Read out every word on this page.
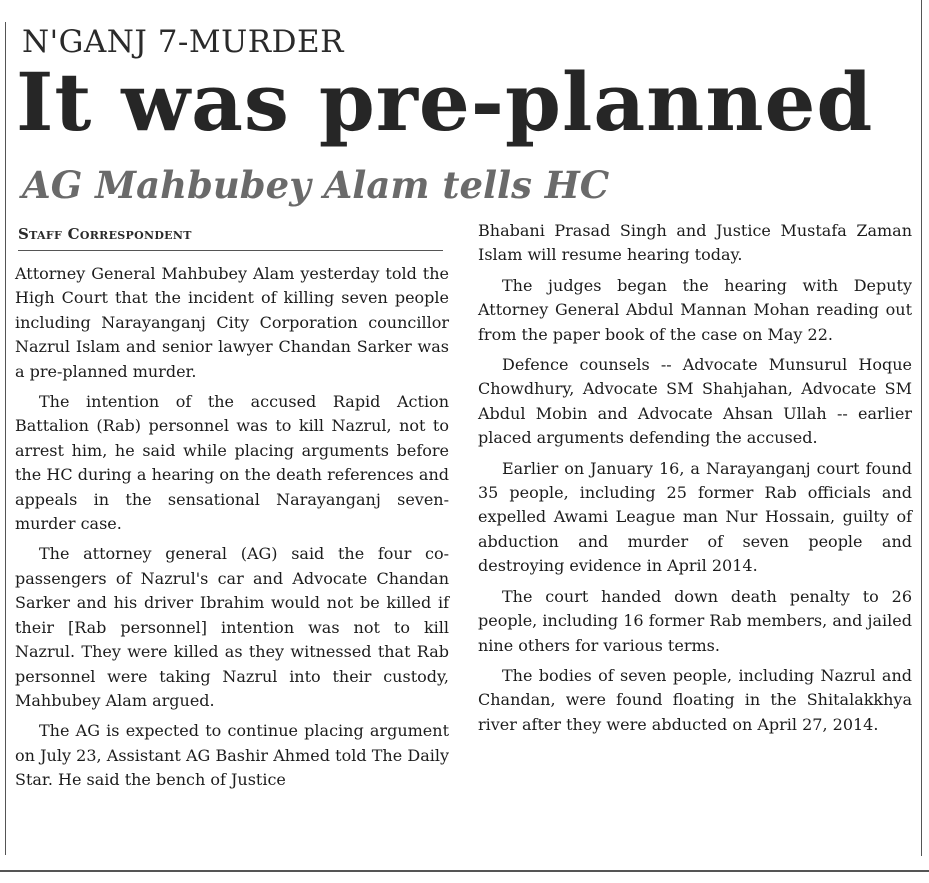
N'GANJ 7-MURDER
It was pre-planned
AG Mahbubey Alam tells HC
Staff Correspondent

Attorney General Mahbubey Alam yesterday told the High Court that the incident of killing seven people including Narayanganj City Corporation councillor Nazrul Islam and senior lawyer Chandan Sarker was a pre-planned murder.

The intention of the accused Rapid Action Battalion (Rab) personnel was to kill Nazrul, not to arrest him, he said while placing arguments before the HC during a hearing on the death references and appeals in the sensational Narayanganj seven-murder case.

The attorney general (AG) said the four co-passengers of Nazrul's car and Advocate Chandan Sarker and his driver Ibrahim would not be killed if their [Rab personnel] intention was not to kill Nazrul. They were killed as they witnessed that Rab personnel were taking Nazrul into their custody, Mahbubey Alam argued.

The AG is expected to continue placing argument on July 23, Assistant AG Bashir Ahmed told The Daily Star. He said the bench of Justice

Bhabani Prasad Singh and Justice Mustafa Zaman Islam will resume hearing today.

The judges began the hearing with Deputy Attorney General Abdul Mannan Mohan reading out from the paper book of the case on May 22.

Defence counsels -- Advocate Munsurul Hoque Chowdhury, Advocate SM Shahjahan, Advocate SM Abdul Mobin and Advocate Ahsan Ullah -- earlier placed arguments defending the accused.

Earlier on January 16, a Narayanganj court found 35 people, including 25 former Rab officials and expelled Awami League man Nur Hossain, guilty of abduction and murder of seven people and destroying evidence in April 2014.

The court handed down death penalty to 26 people, including 16 former Rab members, and jailed nine others for various terms.

The bodies of seven people, including Nazrul and Chandan, were found floating in the Shitalakkhya river after they were abducted on April 27, 2014.
